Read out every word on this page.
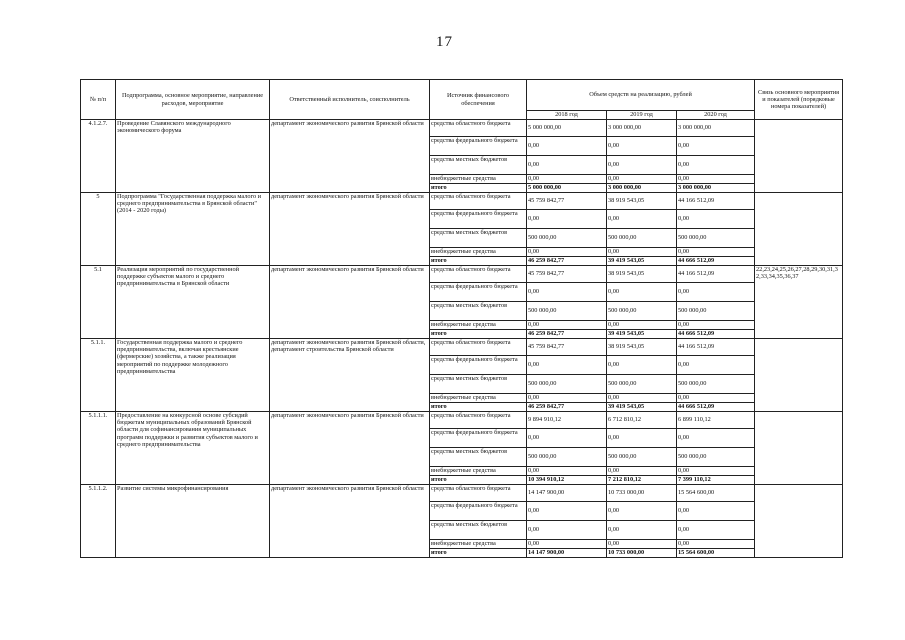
17
№ п/п	Подпрограмма, основное мероприятие, направление расходов, мероприятие	Ответственный исполнитель, соисполнитель	Источник финансового обеспечения	Объем средств на реализацию, рублей			Связь основного мероприятия и показателей (порядковые номера показателей)
				2018 год	2019 год	2020 год	
4.1.2.7.	Проведение Славянского международного экономического форума	департамент экономического развития Брянской области	средства областного бюджета	5 000 000,00	3 000 000,00	3 000 000,00	
			средства федерального бюджета	0,00	0,00	0,00	
			средства местных бюджетов	0,00	0,00	0,00	
			внебюджетные средства	0,00	0,00	0,00	
			итого	5 000 000,00	3 000 000,00	3 000 000,00	
5	Подпрограмма "Государственная поддержка малого и среднего предпринимательства в Брянской области" (2014 - 2020 годы)	департамент экономического развития Брянской области	средства областного бюджета	45 759 842,77	38 919 543,05	44 166 512,09	
			средства федерального бюджета	0,00	0,00	0,00	
			средства местных бюджетов	500 000,00	500 000,00	500 000,00	
			внебюджетные средства	0,00	0,00	0,00	
			итого	46 259 842,77	39 419 543,05	44 666 512,09	
5.1	Реализация мероприятий по государственной поддержке субъектов малого и среднего предпринимательства в Брянской области	департамент экономического развития Брянской области	средства областного бюджета	45 759 842,77	38 919 543,05	44 166 512,09	22,23,24,25,26,27,28,29,30,31,32,33,34,35,36,37
			средства федерального бюджета	0,00	0,00	0,00	
			средства местных бюджетов	500 000,00	500 000,00	500 000,00	
			внебюджетные средства	0,00	0,00	0,00	
			итого	46 259 842,77	39 419 543,05	44 666 512,09	
5.1.1.	Государственная поддержка малого и среднего предпринимательства, включая крестьянские (фермерские) хозяйства, а также реализация мероприятий по поддержке молодежного предпринимательства	департамент экономического развития Брянской области, департамент строительства Брянской области	средства областного бюджета	45 759 842,77	38 919 543,05	44 166 512,09	
			средства федерального бюджета	0,00	0,00	0,00	
			средства местных бюджетов	500 000,00	500 000,00	500 000,00	
			внебюджетные средства	0,00	0,00	0,00	
			итого	46 259 842,77	39 419 543,05	44 666 512,09	
5.1.1.1.	Предоставление на конкурсной основе субсидий бюджетам муниципальных образований Брянской области для софинансирования муниципальных программ поддержки и развития субъектов малого и среднего предпринимательства	департамент экономического развития Брянской области	средства областного бюджета	9 894 910,12	6 712 810,12	6 899 110,12	
			средства федерального бюджета	0,00	0,00	0,00	
			средства местных бюджетов	500 000,00	500 000,00	500 000,00	
			внебюджетные средства	0,00	0,00	0,00	
			итого	10 394 910,12	7 212 810,12	7 399 110,12	
5.1.1.2.	Развитие системы микрофинансирования	департамент экономического развития Брянской области	средства областного бюджета	14 147 900,00	10 733 000,00	15 564 600,00	
			средства федерального бюджета	0,00	0,00	0,00	
			средства местных бюджетов	0,00	0,00	0,00	
			внебюджетные средства	0,00	0,00	0,00	
			итого	14 147 900,00	10 733 000,00	15 564 600,00	
